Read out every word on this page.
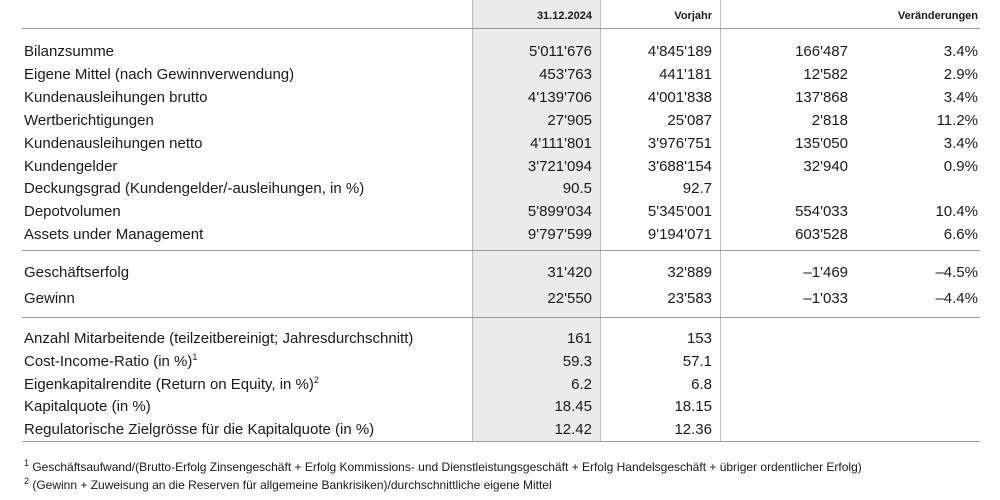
31.12.2024	Vorjahr	Veränderungen
Bilanzsumme	5'011'676	4'845'189	166'487	3.4%
Eigene Mittel (nach Gewinnverwendung)	453'763	441'181	12'582	2.9%
Kundenausleihungen brutto	4'139'706	4'001'838	137'868	3.4%
Wertberichtigungen	27'905	25'087	2'818	11.2%
Kundenausleihungen netto	4'111'801	3'976'751	135'050	3.4%
Kundengelder	3'721'094	3'688'154	32'940	0.9%
Deckungsgrad (Kundengelder/-ausleihungen, in %)	90.5	92.7
Depotvolumen	5'899'034	5'345'001	554'033	10.4%
Assets under Management	9'797'599	9'194'071	603'528	6.6%
Geschäftserfolg	31'420	32'889	–1'469	–4.5%
Gewinn	22'550	23'583	–1'033	–4.4%
Anzahl Mitarbeitende (teilzeitbereinigt; Jahresdurchschnitt)	161	153
Cost-Income-Ratio (in %)$^1$	59.3	57.1
Eigenkapitalrendite (Return on Equity, in %)$^2$	6.2	6.8
Kapitalquote (in %)	18.45	18.15
Regulatorische Zielgrösse für die Kapitalquote (in %)	12.42	12.36
$^1$ Geschäftsaufwand/(Brutto-Erfolg Zinsengeschäft + Erfolg Kommissions- und Dienstleistungsgeschäft + Erfolg Handelsgeschäft + übriger ordentlicher Erfolg)
$^2$ (Gewinn + Zuweisung an die Reserven für allgemeine Bankrisiken)/durchschnittliche eigene Mittel
